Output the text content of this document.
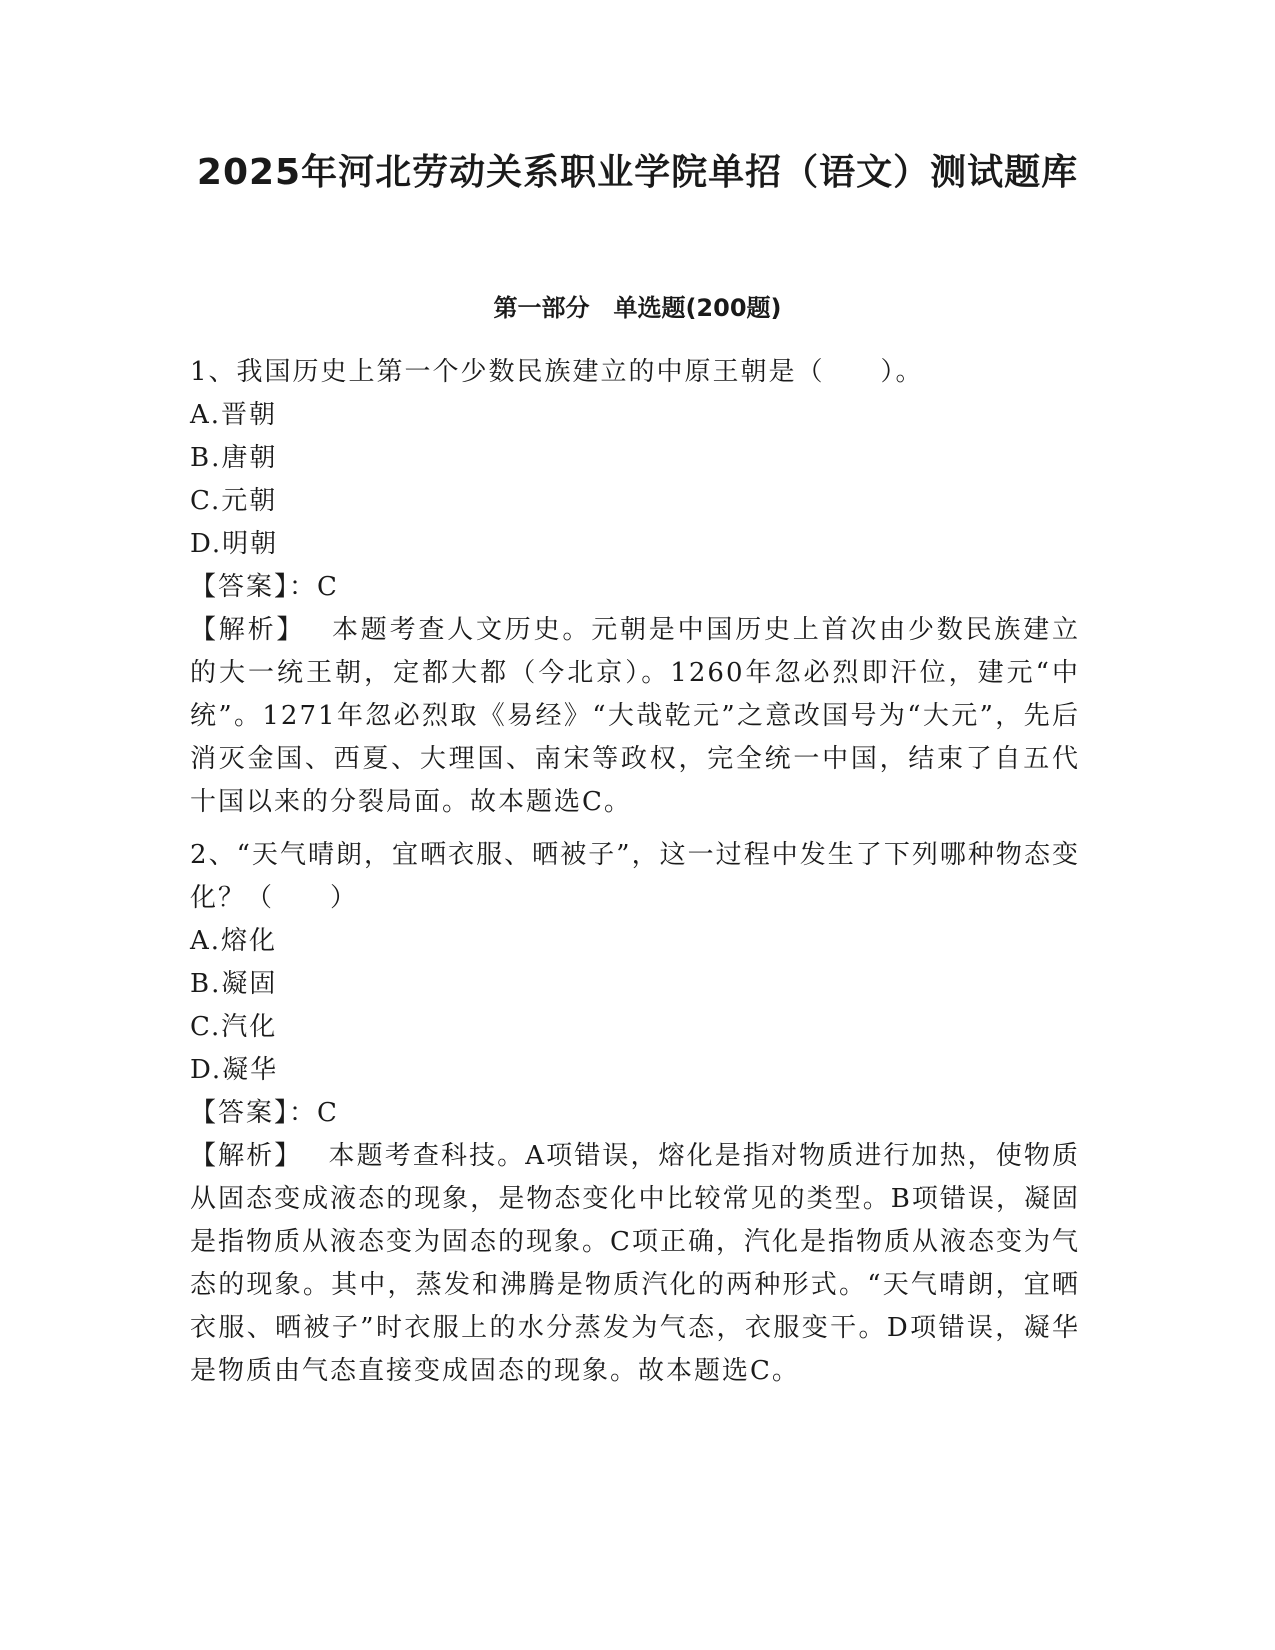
2025年河北劳动关系职业学院单招（语文）测试题库
第一部分　单选题(200题)

1、我国历史上第一个少数民族建立的中原王朝是（　　）。

A.晋朝

B.唐朝

C.元朝

D.明朝

【答案】：C

【解析】 本题考查人文历史。元朝是中国历史上首次由少数民族建立的大一统王朝，定都大都（今北京）。1260年忽必烈即汗位，建元“中统”。1271年忽必烈取《易经》“大哉乾元”之意改国号为“大元”，先后消灭金国、西夏、大理国、南宋等政权，完全统一中国，结束了自五代十国以来的分裂局面。故本题选C。

2、“天气晴朗，宜晒衣服、晒被子”，这一过程中发生了下列哪种物态变化？（　　）

A.熔化

B.凝固

C.汽化

D.凝华

【答案】：C

【解析】 本题考查科技。A项错误，熔化是指对物质进行加热，使物质从固态变成液态的现象，是物态变化中比较常见的类型。B项错误，凝固是指物质从液态变为固态的现象。C项正确，汽化是指物质从液态变为气态的现象。其中，蒸发和沸腾是物质汽化的两种形式。“天气晴朗，宜晒衣服、晒被子”时衣服上的水分蒸发为气态，衣服变干。D项错误，凝华是物质由气态直接变成固态的现象。故本题选C。
